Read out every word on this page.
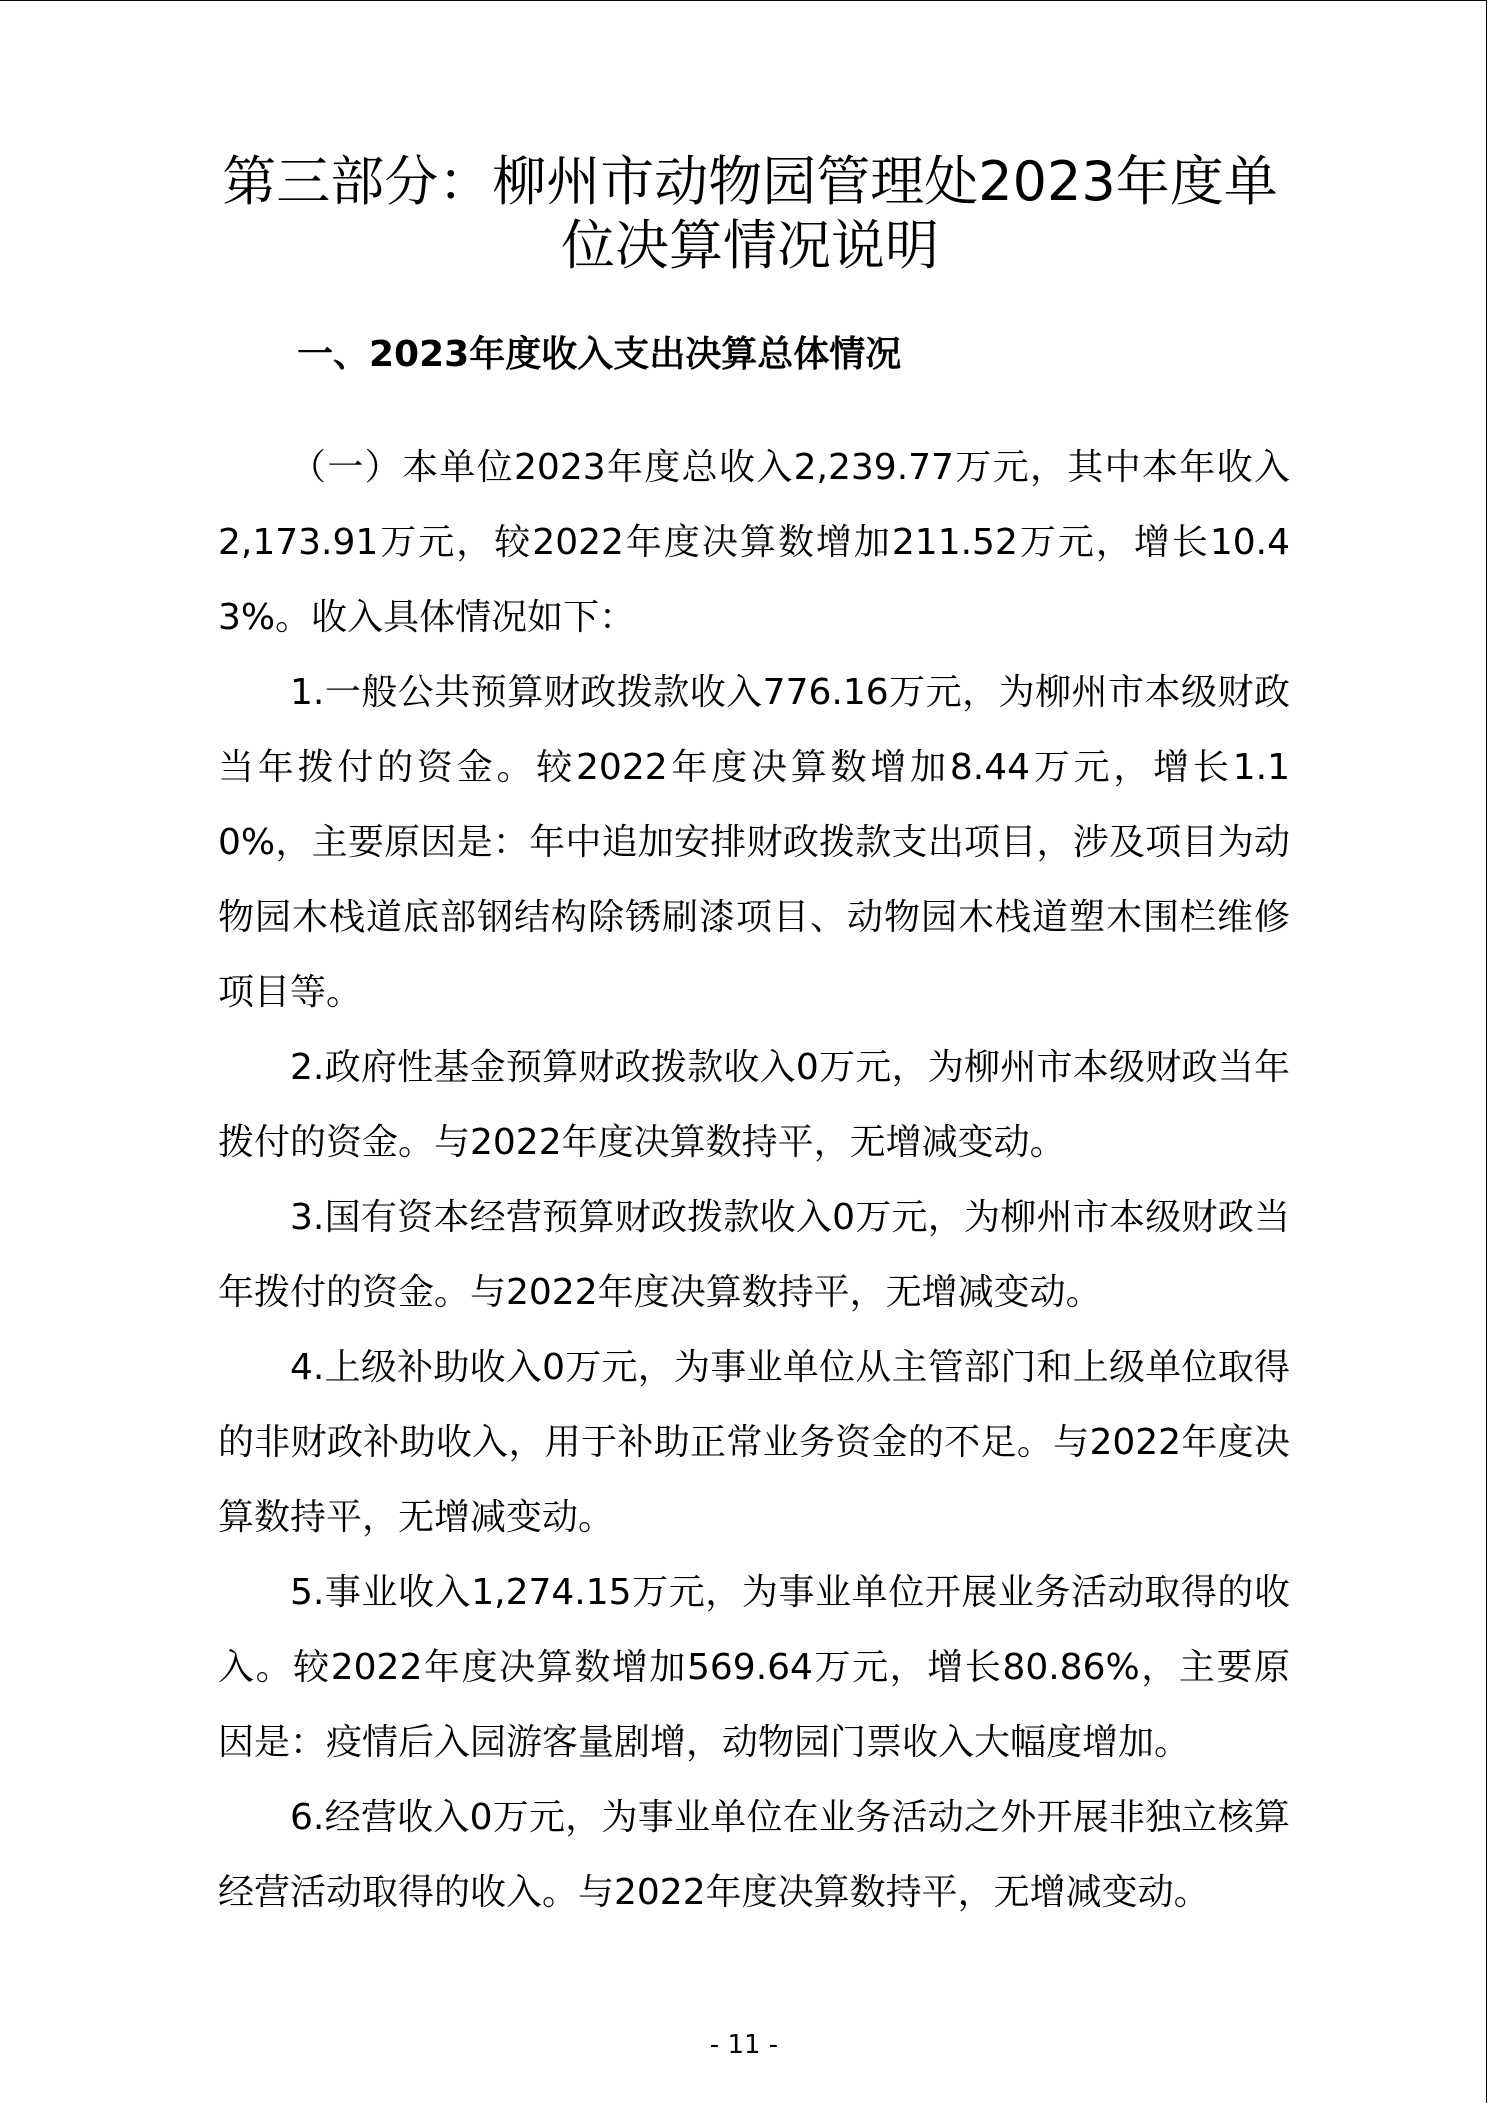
第三部分：柳州市动物园管理处2023年度单位决算情况说明
一、2023年度收入支出决算总体情况

（一）本单位2023年度总收入2,239.77万元，其中本年收入2,173.91万元，较2022年度决算数增加211.52万元，增长10.43%。收入具体情况如下：

1.一般公共预算财政拨款收入776.16万元，为柳州市本级财政当年拨付的资金。较2022年度决算数增加8.44万元，增长1.10%，主要原因是：年中追加安排财政拨款支出项目，涉及项目为动物园木栈道底部钢结构除锈刷漆项目、动物园木栈道塑木围栏维修项目等。

2.政府性基金预算财政拨款收入0万元，为柳州市本级财政当年拨付的资金。与2022年度决算数持平，无增减变动。

3.国有资本经营预算财政拨款收入0万元，为柳州市本级财政当年拨付的资金。与2022年度决算数持平，无增减变动。

4.上级补助收入0万元，为事业单位从主管部门和上级单位取得的非财政补助收入，用于补助正常业务资金的不足。与2022年度决算数持平，无增减变动。

5.事业收入1,274.15万元，为事业单位开展业务活动取得的收入。较2022年度决算数增加569.64万元，增长80.86%，主要原因是：疫情后入园游客量剧增，动物园门票收入大幅度增加。

6.经营收入0万元，为事业单位在业务活动之外开展非独立核算经营活动取得的收入。与2022年度决算数持平，无增减变动。

- 11 -
